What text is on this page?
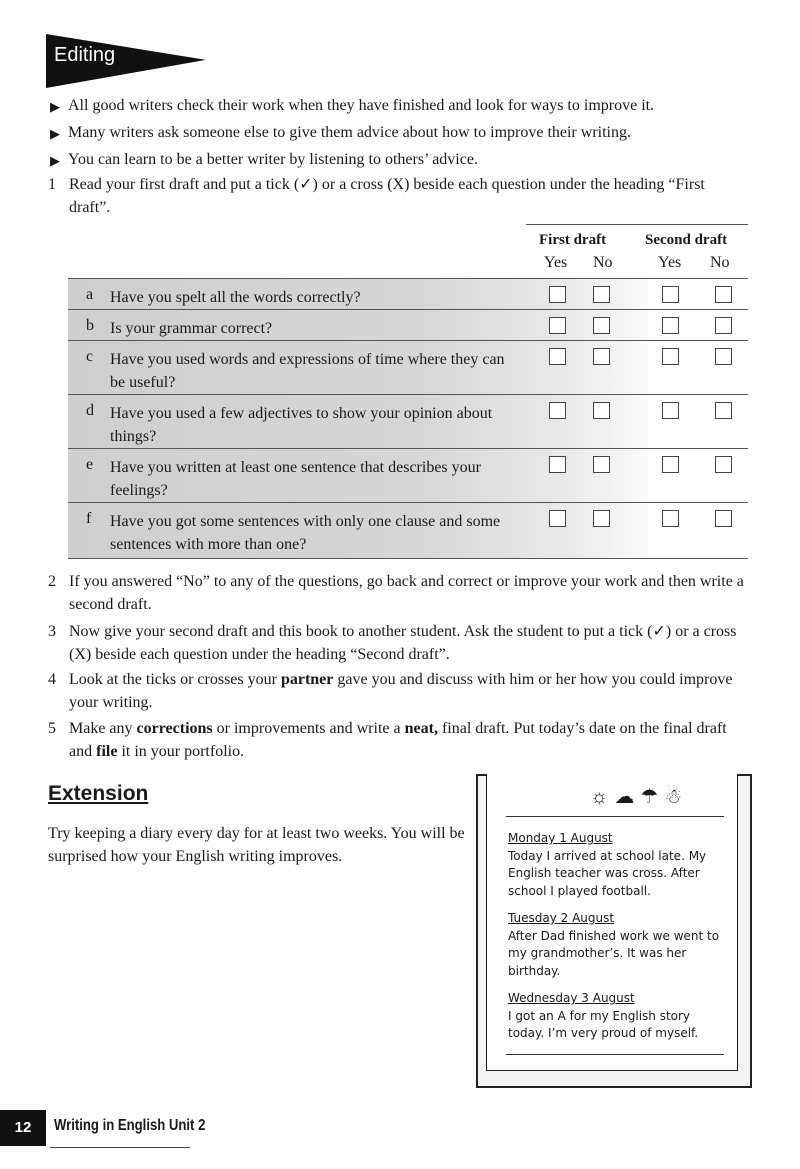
Editing
▶ All good writers check their work when they have finished and look for ways to improve it.
▶ Many writers ask someone else to give them advice about how to improve their writing.
▶ You can learn to be a better writer by listening to others’ advice.
1 Read your first draft and put a tick (✓) or a cross (X) beside each question under the heading “First draft”.
First draft	Second draft
Yes No	Yes No
a Have you spelt all the words correctly?
b Is your grammar correct?
c Have you used words and expressions of time where they can be useful?
d Have you used a few adjectives to show your opinion about things?
e Have you written at least one sentence that describes your feelings?
f Have you got some sentences with only one clause and some sentences with more than one?
2 If you answered “No” to any of the questions, go back and correct or improve your work and then write a second draft.
3 Now give your second draft and this book to another student. Ask the student to put a tick (✓) or a cross (X) beside each question under the heading “Second draft”.
4 Look at the ticks or crosses your partner gave you and discuss with him or her how you could improve your writing.
5 Make any corrections or improvements and write a neat, final draft. Put today’s date on the final draft and file it in your portfolio.
Extension
Try keeping a diary every day for at least two weeks. You will be surprised how your English writing improves.
☼☁☂☃
Monday 1 August
Today I arrived at school late. My English teacher was cross. After school I played football.
Tuesday 2 August
After Dad finished work we went to my grandmother’s. It was her birthday.
Wednesday 3 August
I got an A for my English story today. I’m very proud of myself.
12	Writing in English Unit 2
